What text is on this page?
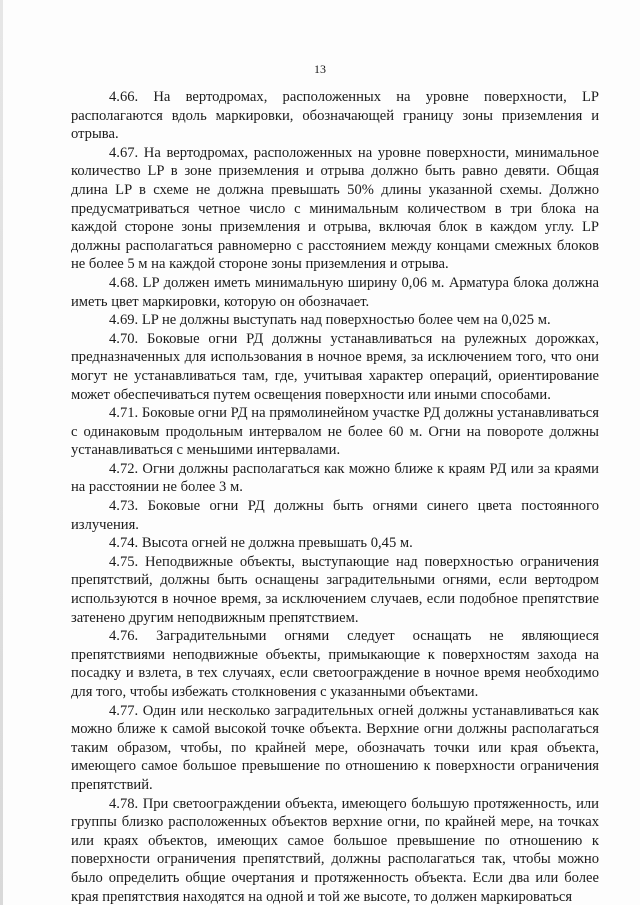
13

4.66. На вертодромах, расположенных на уровне поверхности, LP располагаются вдоль маркировки, обозначающей границу зоны приземления и отрыва.

4.67. На вертодромах, расположенных на уровне поверхности, минимальное количество LP в зоне приземления и отрыва должно быть равно девяти. Общая длина LP в схеме не должна превышать 50% длины указанной схемы. Должно предусматриваться четное число с минимальным количеством в три блока на каждой стороне зоны приземления и отрыва, включая блок в каждом углу. LP должны располагаться равномерно с расстоянием между концами смежных блоков не более 5 м на каждой стороне зоны приземления и отрыва.

4.68. LP должен иметь минимальную ширину 0,06 м. Арматура блока должна иметь цвет маркировки, которую он обозначает.

4.69. LP не должны выступать над поверхностью более чем на 0,025 м.

4.70. Боковые огни РД должны устанавливаться на рулежных дорожках, предназначенных для использования в ночное время, за исключением того, что они могут не устанавливаться там, где, учитывая характер операций, ориентирование может обеспечиваться путем освещения поверхности или иными способами.

4.71. Боковые огни РД на прямолинейном участке РД должны устанавливаться с одинаковым продольным интервалом не более 60 м. Огни на повороте должны устанавливаться с меньшими интервалами.

4.72. Огни должны располагаться как можно ближе к краям РД или за краями на расстоянии не более 3 м.

4.73. Боковые огни РД должны быть огнями синего цвета постоянного излучения.

4.74. Высота огней не должна превышать 0,45 м.

4.75. Неподвижные объекты, выступающие над поверхностью ограничения препятствий, должны быть оснащены заградительными огнями, если вертодром используются в ночное время, за исключением случаев, если подобное препятствие затенено другим неподвижным препятствием.

4.76. Заградительными огнями следует оснащать не являющиеся препятствиями неподвижные объекты, примыкающие к поверхностям захода на посадку и взлета, в тех случаях, если светоограждение в ночное время необходимо для того, чтобы избежать столкновения с указанными объектами.

4.77. Один или несколько заградительных огней должны устанавливаться как можно ближе к самой высокой точке объекта. Верхние огни должны располагаться таким образом, чтобы, по крайней мере, обозначать точки или края объекта, имеющего самое большое превышение по отношению к поверхности ограничения препятствий.

4.78. При светоограждении объекта, имеющего большую протяженность, или группы близко расположенных объектов верхние огни, по крайней мере, на точках или краях объектов, имеющих самое большое превышение по отношению к поверхности ограничения препятствий, должны располагаться так, чтобы можно было определить общие очертания и протяженность объекта. Если два или более края препятствия находятся на одной и той же высоте, то должен маркироваться
